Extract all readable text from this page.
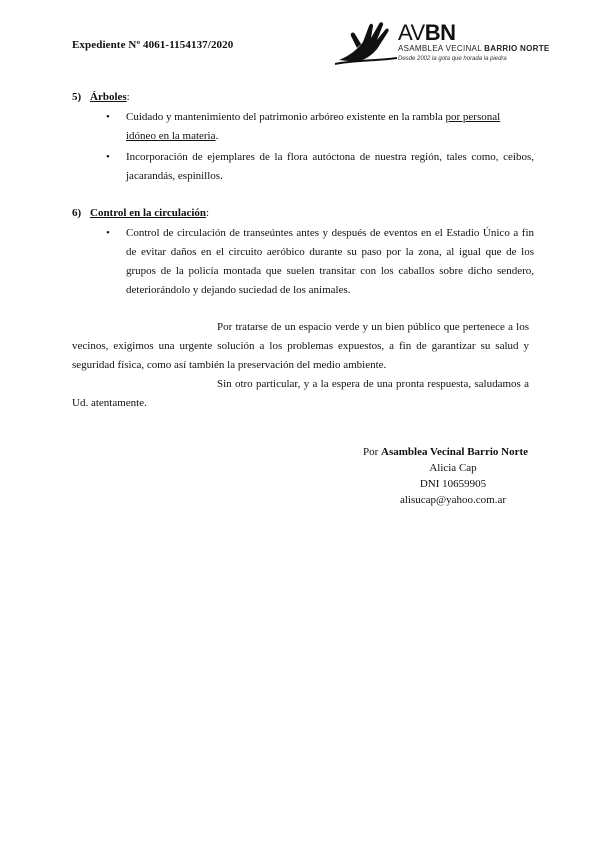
Expediente Nº 4061-1154137/2020	AVBN
ASAMBLEA VECINAL BARRIO NORTE
Desde 2002 la gota que horada la piedra
5) Árboles:
• Cuidado y mantenimiento del patrimonio arbóreo existente en la rambla por personal
idóneo en la materia.
• Incorporación de ejemplares de la flora autóctona de nuestra región, tales como, ceibos, jacarandás, espinillos.
6) Control en la circulación:
• Control de circulación de transeúntes antes y después de eventos en el Estadio Único a fin de evitar daños en el circuito aeróbico durante su paso por la zona, al igual que de los grupos de la policía montada que suelen transitar con los caballos sobre dicho sendero, deteriorándolo y dejando suciedad de los animales.
Por tratarse de un espacio verde y un bien público que pertenece a los vecinos, exigimos una urgente solución a los problemas expuestos, a fin de garantizar su salud y seguridad física, como así también la preservación del medio ambiente.
Sin otro particular, y a la espera de una pronta respuesta, saludamos a Ud. atentamente.
Por Asamblea Vecinal Barrio Norte
Alicia Cap
DNI 10659905
alisucap@yahoo.com.ar
